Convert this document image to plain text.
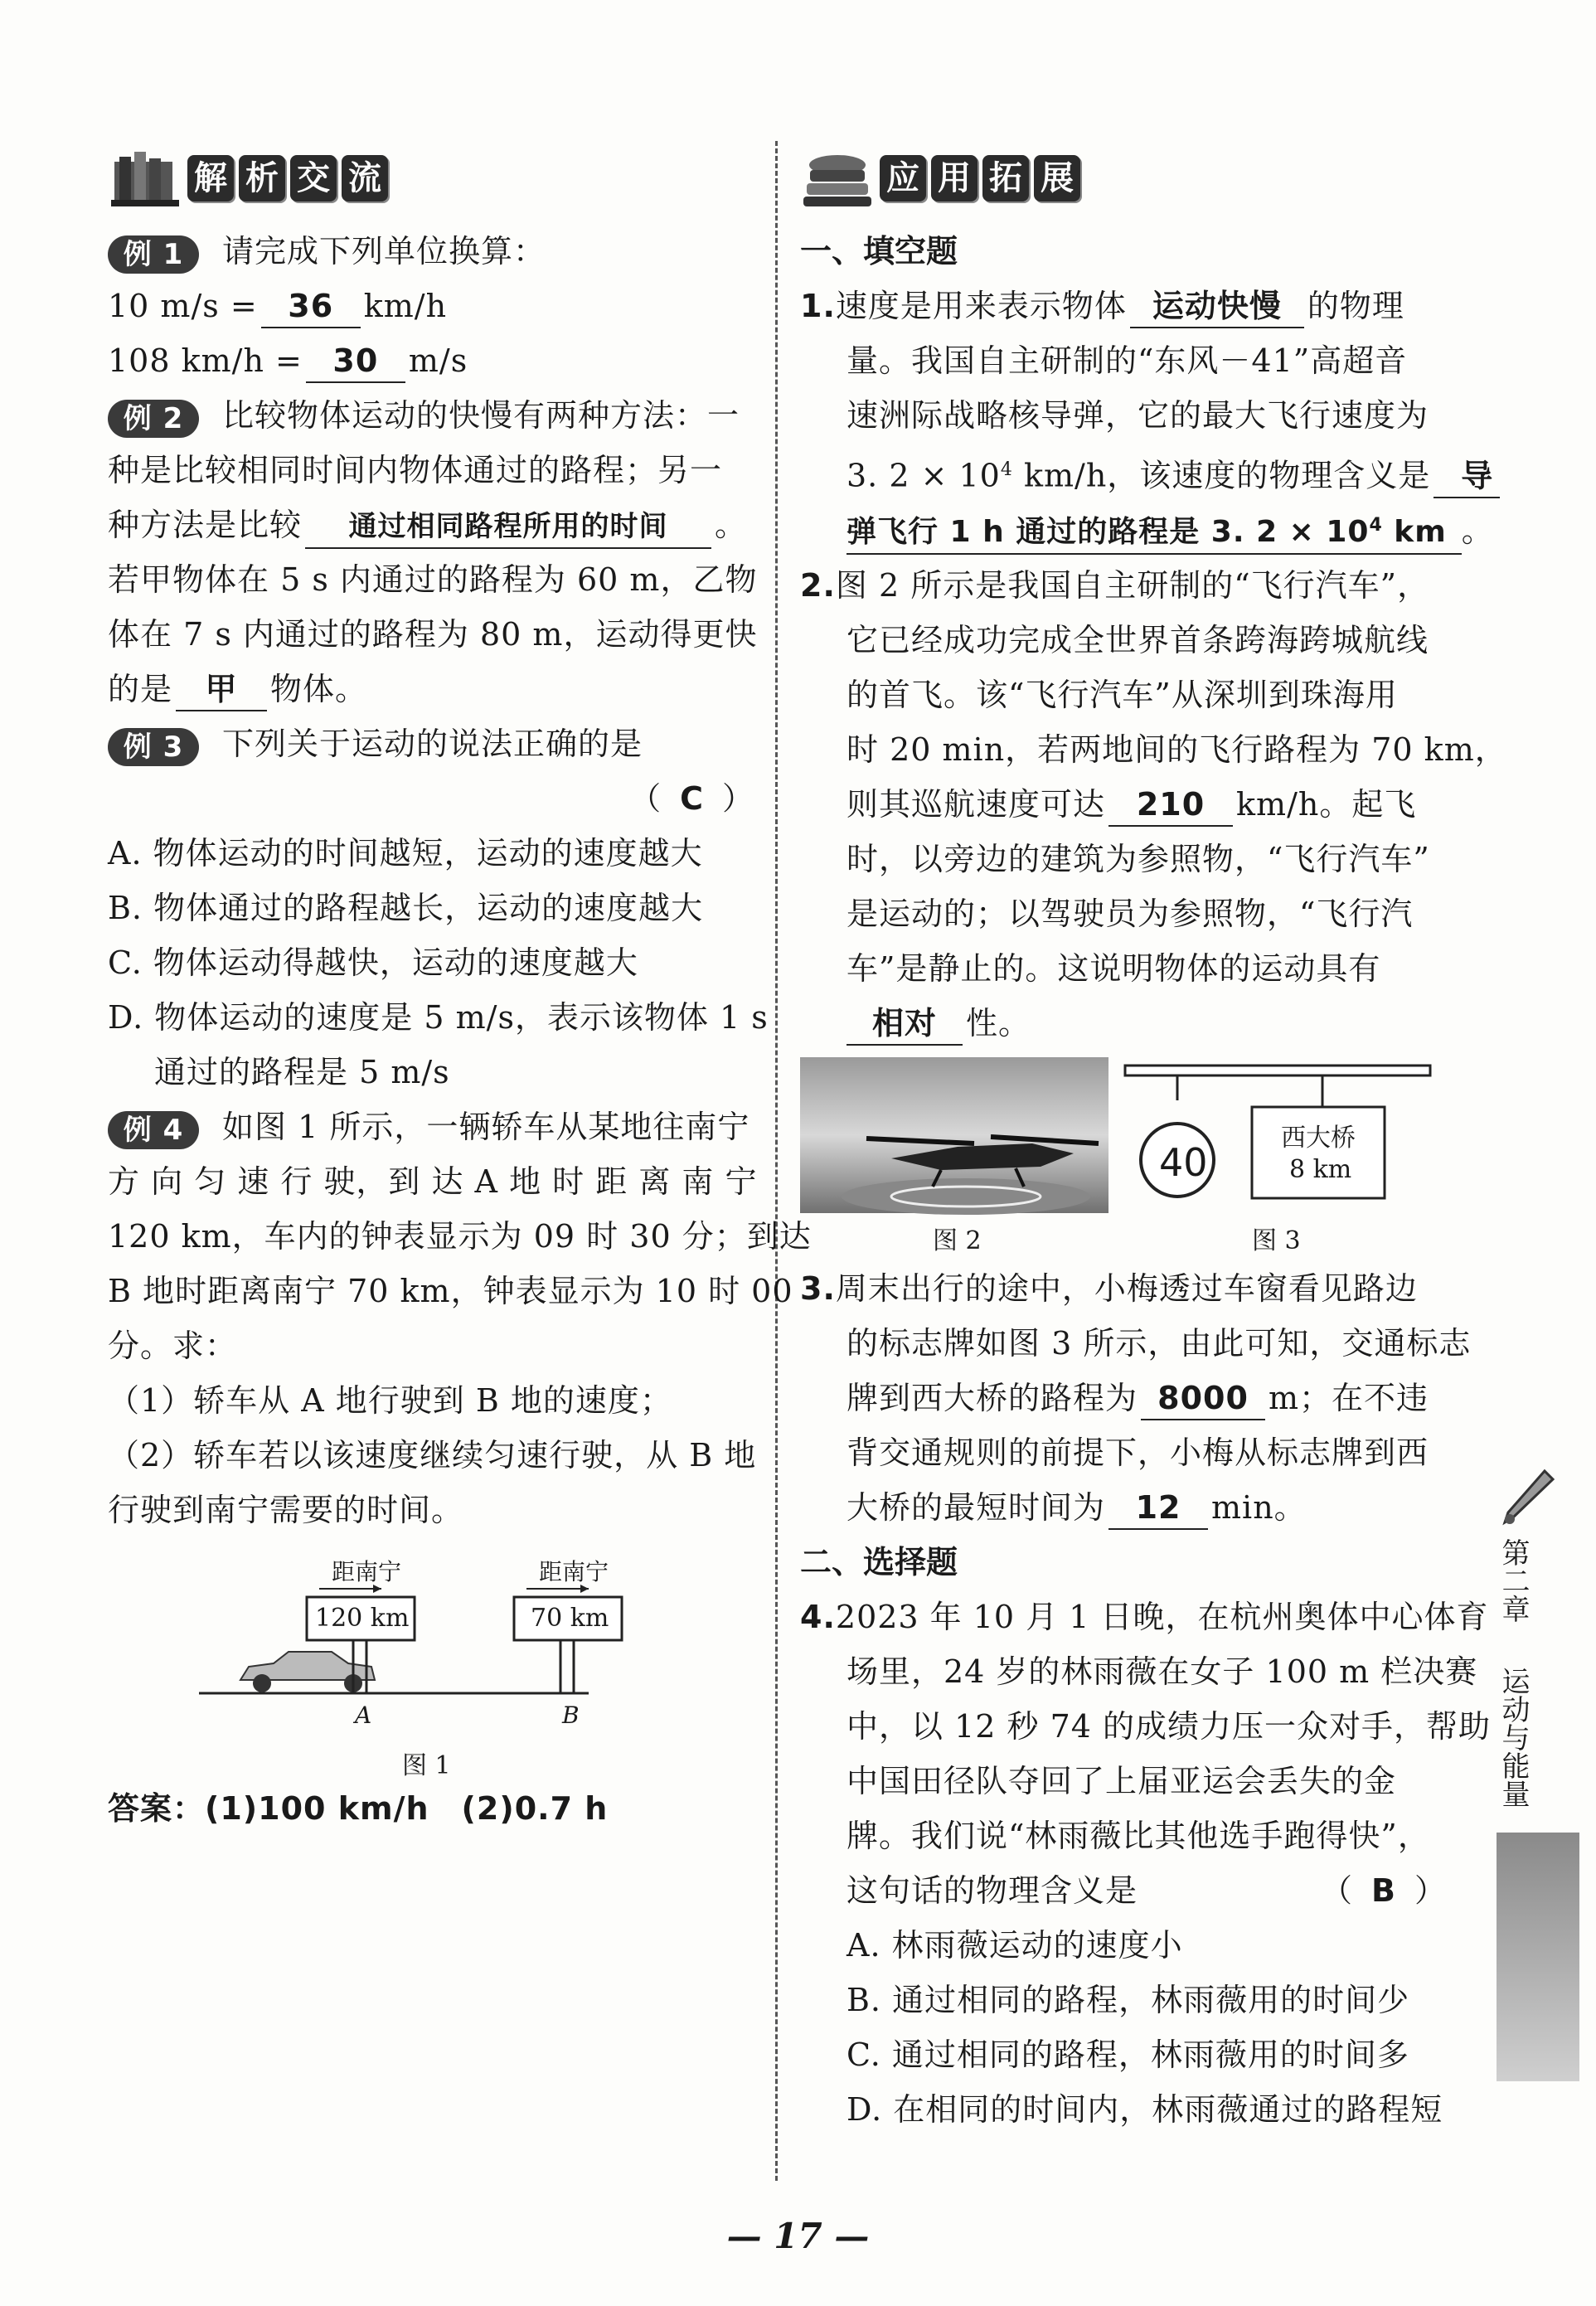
解 析 交 流
例 1 请完成下列单位换算：
10 m/s = 36 km/h
108 km/h = 30 m/s
例 2 比较物体运动的快慢有两种方法：一
种是比较相同时间内物体通过的路程；另一
种方法是比较 通过相同路程所用的时间 。
若甲物体在 5 s 内通过的路程为 60 m，乙物
体在 7 s 内通过的路程为 80 m，运动得更快
的是 甲 物体。
例 3 下列关于运动的说法正确的是
（ C ）
A. 物体运动的时间越短，运动的速度越大
B. 物体通过的路程越长，运动的速度越大
C. 物体运动得越快，运动的速度越大
D. 物体运动的速度是 5 m/s，表示该物体 1 s
通过的路程是 5 m/s
例 4 如图 1 所示，一辆轿车从某地往南宁
方 向 匀 速 行 驶，到 达 A 地 时 距 离 南 宁
120 km，车内的钟表显示为 09 时 30 分；到达
B 地时距离南宁 70 km，钟表显示为 10 时 00
分。求：
（1）轿车从 A 地行驶到 B 地的速度；
（2）轿车若以该速度继续匀速行驶，从 B 地
行驶到南宁需要的时间。
距南宁
120 km
A
距南宁
70 km
B
图 1
答案：(1)100 km/h　(2)0.7 h
应 用 拓 展
一、填空题
1.速度是用来表示物体 运动快慢 的物理
量。我国自主研制的“东风－41”高超音
速洲际战略核导弹，它的最大飞行速度为
3. $2 \times 10^4$ km/h，该速度的物理含义是 导
弹飞行 1 h 通过的路程是 3. $2 \times 10^4$ km 。
2.图 2 所示是我国自主研制的“飞行汽车”，
它已经成功完成全世界首条跨海跨城航线
的首飞。该“飞行汽车”从深圳到珠海用
时 20 min，若两地间的飞行路程为 70 km，
则其巡航速度可达 210 km/h。起飞
时，以旁边的建筑为参照物，“飞行汽车”
是运动的；以驾驶员为参照物，“飞行汽
车”是静止的。这说明物体的运动具有
相对 性。
40
西大桥
8 km
图 2	图 3
3.周末出行的途中，小梅透过车窗看见路边
的标志牌如图 3 所示，由此可知，交通标志
牌到西大桥的路程为 8000 m；在不违
背交通规则的前提下，小梅从标志牌到西
大桥的最短时间为 12 min。
二、选择题
4.2023 年 10 月 1 日晚，在杭州奥体中心体育
场里，24 岁的林雨薇在女子 100 m 栏决赛
中，以 12 秒 74 的成绩力压一众对手，帮助
中国田径队夺回了上届亚运会丢失的金
牌。我们说“林雨薇比其他选手跑得快”，
这句话的物理含义是	（ B ）
A. 林雨薇运动的速度小
B. 通过相同的路程，林雨薇用的时间少
C. 通过相同的路程，林雨薇用的时间多
D. 在相同的时间内，林雨薇通过的路程短
第二章
运动与能量
— 17 —
